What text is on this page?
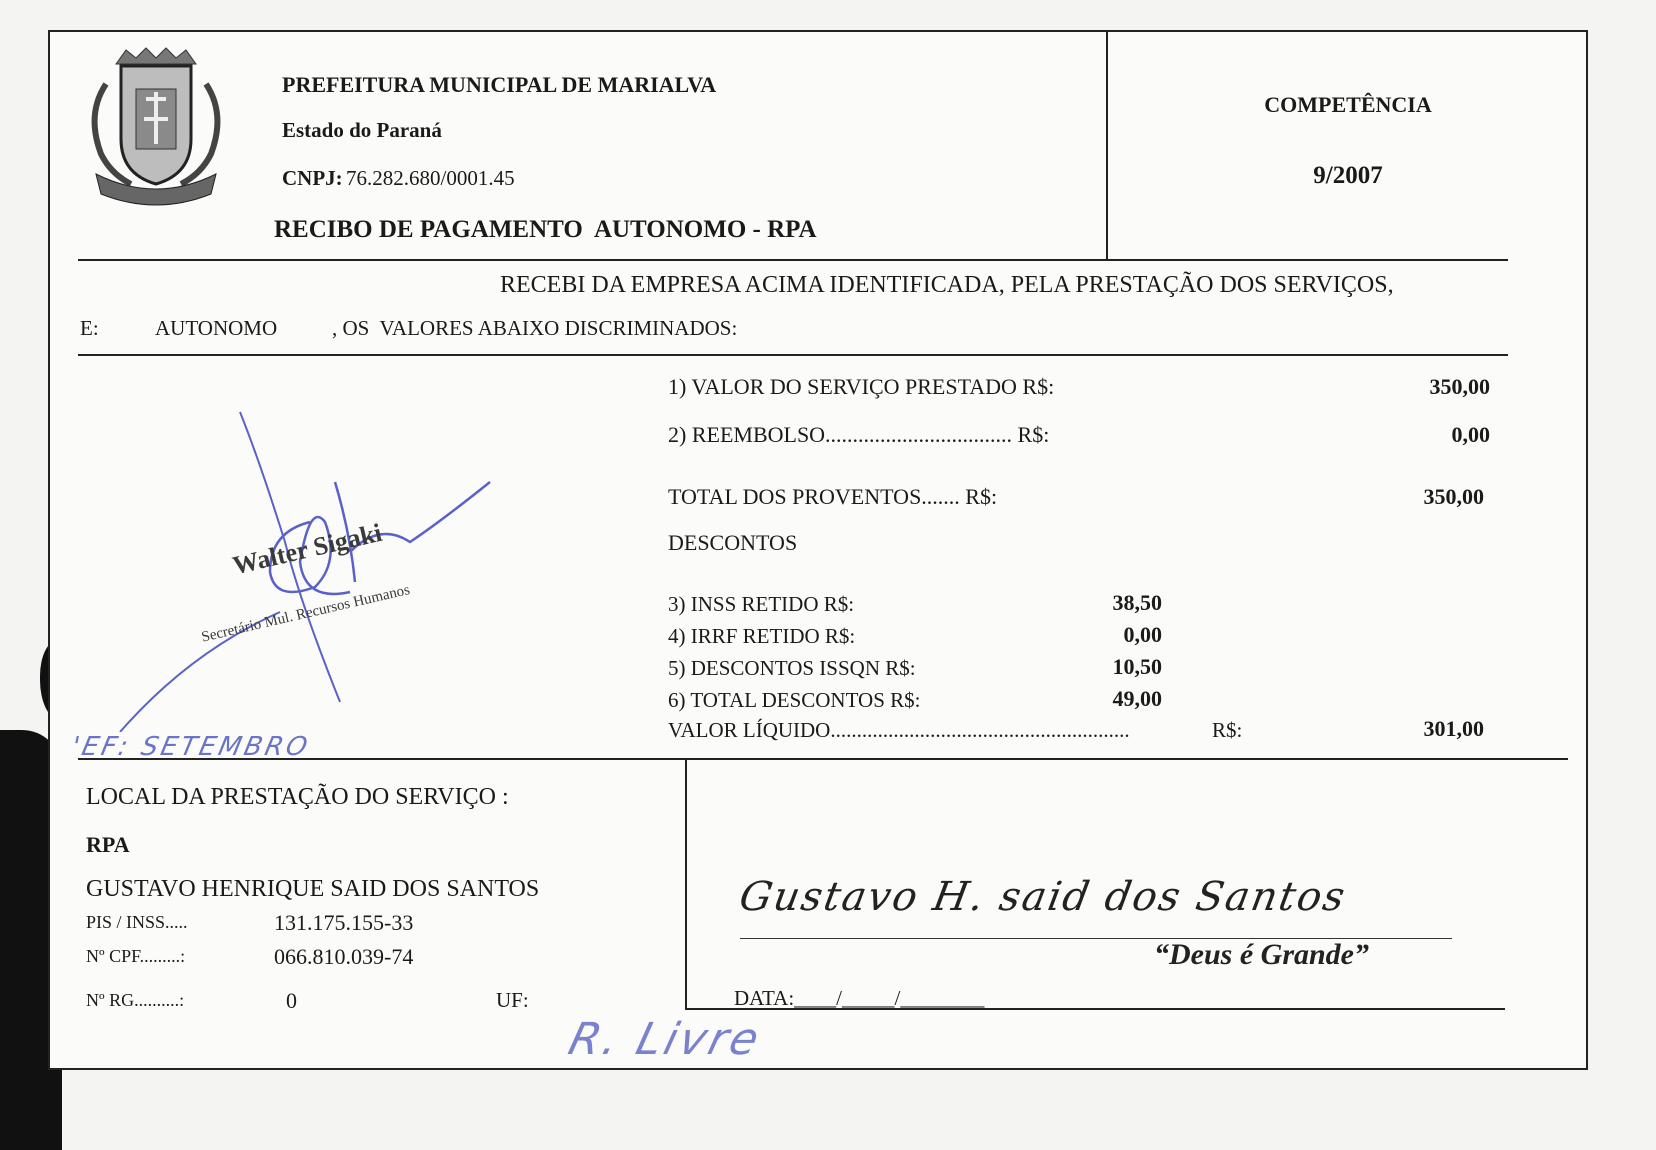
PREFEITURA MUNICIPAL DE MARIALVA
Estado do Paraná
CNPJ: 76.282.680/0001.45
RECIBO DE PAGAMENTO  AUTONOMO - RPA
COMPETÊNCIA
9/2007
RECEBI DA EMPRESA ACIMA IDENTIFICADA, PELA PRESTAÇÃO DOS SERVIÇOS,
E:	AUTONOMO	, OS  VALORES ABAIXO DISCRIMINADOS:
1) VALOR DO SERVIÇO PRESTADO R$:	350,00
2) REEMBOLSO.................................. R$:	0,00
TOTAL DOS PROVENTOS....... R$:	350,00
DESCONTOS
3) INSS RETIDO R$:	38,50
4) IRRF RETIDO R$:	0,00
5) DESCONTOS ISSQN R$:	10,50
6) TOTAL DESCONTOS R$:	49,00
VALOR LÍQUIDO.........................................................	R$:	301,00
Walter Sigaki
Secretário Mul. Recursos Humanos
'EF: SETEMBRO
LOCAL DA PRESTAÇÃO DO SERVIÇO :
RPA
GUSTAVO HENRIQUE SAID DOS SANTOS
PIS / INSS.....	131.175.155-33
Nº CPF.........:	066.810.039-74
Nº RG..........:	0	UF:
Gustavo H. said dos Santos
“Deus é Grande”
DATA:____/_____/________
R. Livre
